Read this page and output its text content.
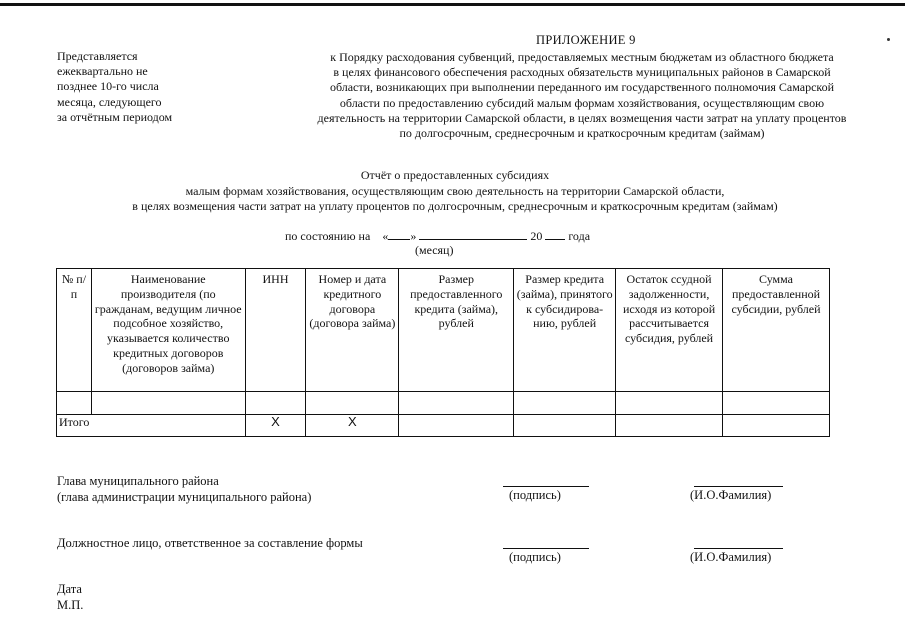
Представляется
ежеквартально не
позднее 10-го числа
месяца, следующего
за отчётным периодом
ПРИЛОЖЕНИЕ 9
к Порядку расходования субвенций, предоставляемых местным бюджетам из областного бюджета
в целях финансового обеспечения расходных обязательств муниципальных районов в Самарской
области, возникающих при выполнении переданного им государственного полномочия Самарской
области по предоставлению субсидий малым формам хозяйствования, осуществляющим свою
деятельность на территории Самарской области, в целях возмещения части затрат на уплату процентов
по долгосрочным, среднесрочным и краткосрочным кредитам (займам)
Отчёт о предоставленных субсидиях
малым формам хозяйствования, осуществляющим свою деятельность на территории Самарской области,
в целях возмещения части затрат на уплату процентов по долгосрочным, среднесрочным и краткосрочным кредитам (займам)
по состоянию на « »	20 года
(месяц)
№ п/п	Наименование производителя (по гражданам, ведущим личное подсобное хозяйство, указывается количество кредитных договоров (договоров займа)	ИНН	Номер и дата кредитного договора (договора займа)	Размер предоставленного кредита (займа), рублей	Размер кредита (займа), принятого к субсидирова-нию, рублей	Остаток ссудной задолженности, исходя из которой рассчитывается субсидия, рублей	Сумма предоставленной субсидии, рублей

Итого		Х	Х				
Глава муниципального района
(глава администрации муниципального района)	(подпись)	(И.О.Фамилия)
Должностное лицо, ответственное за составление формы
(подпись)	(И.О.Фамилия)
Дата
М.П.
